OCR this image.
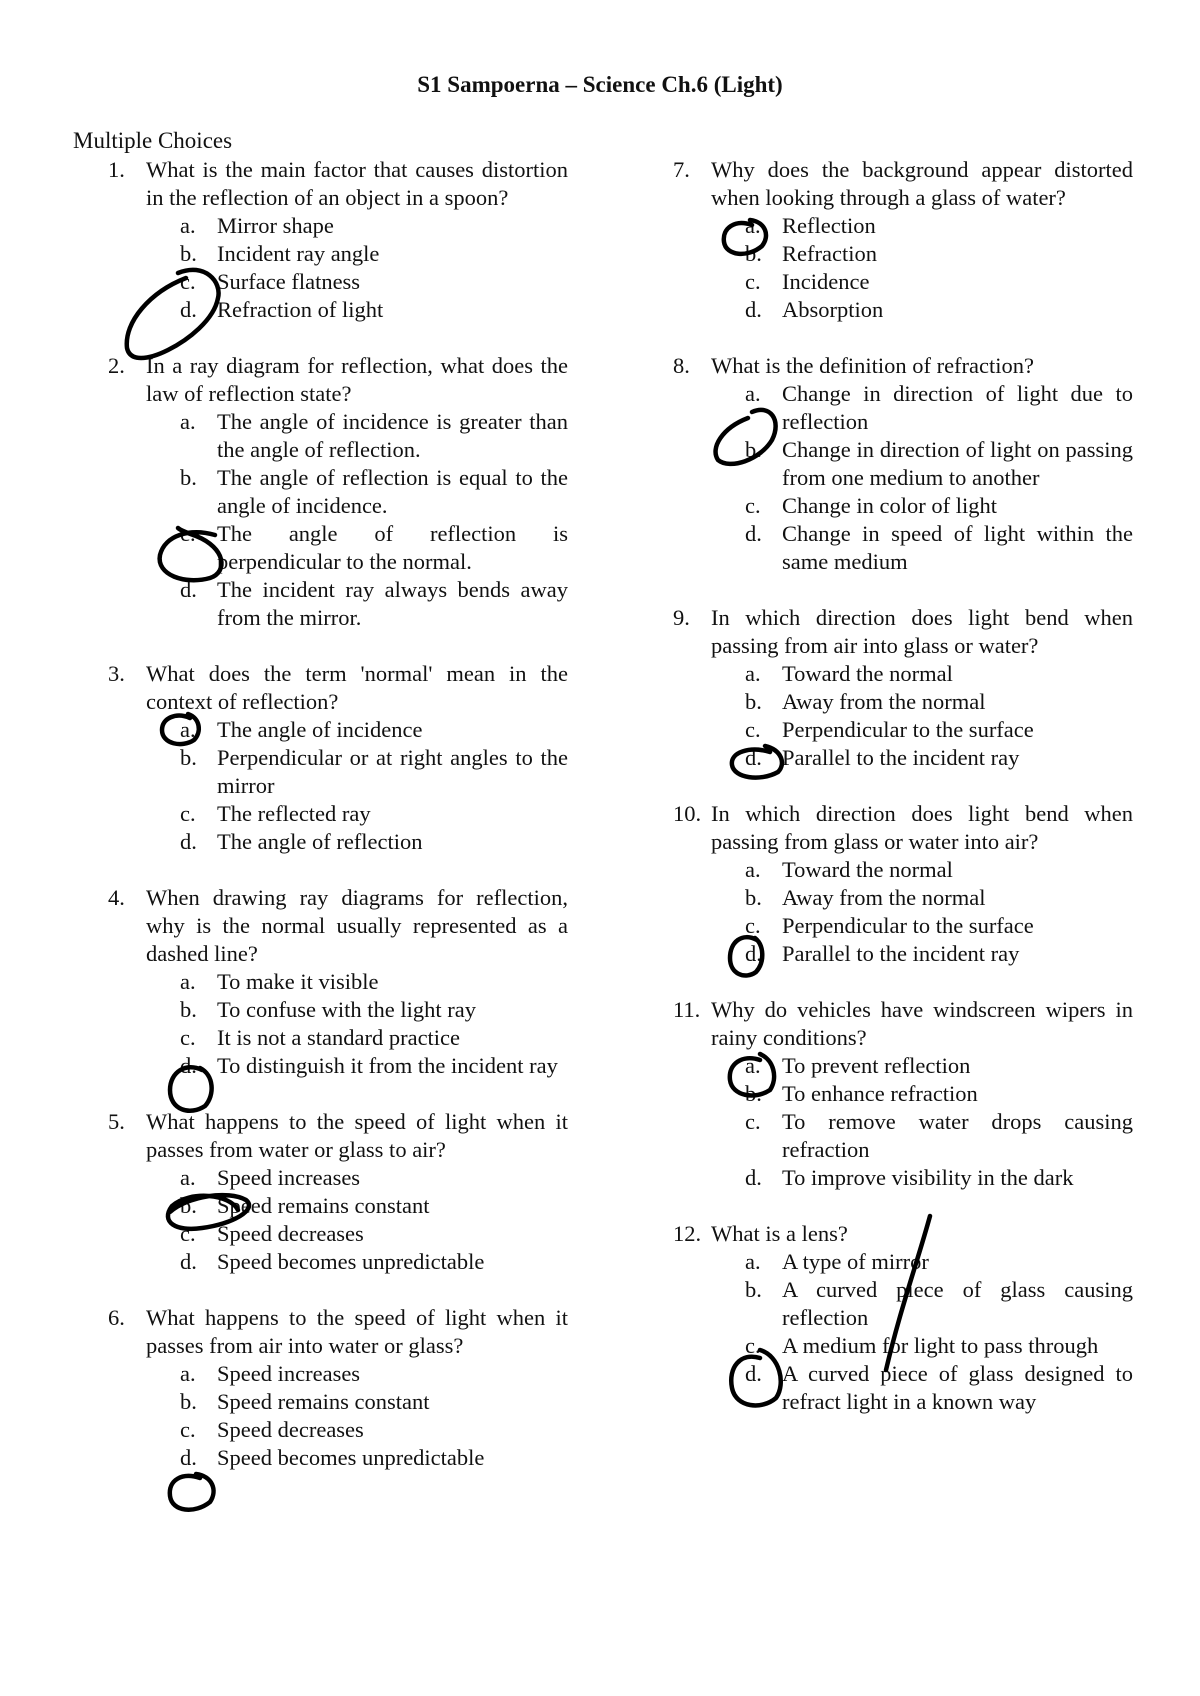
S1 Sampoerna – Science Ch.6 (Light)
Multiple Choices
1. What is the main factor that causes distortion in the reflection of an object in a spoon?
a. Mirror shape
b. Incident ray angle
c. Surface flatness
d. Refraction of light
2. In a ray diagram for reflection, what does the law of reflection state?
a. The angle of incidence is greater than the angle of reflection.
b. The angle of reflection is equal to the angle of incidence.
c. The angle of reflection is perpendicular to the normal.
d. The incident ray always bends away from the mirror.
3. What does the term 'normal' mean in the context of reflection?
a. The angle of incidence
b. Perpendicular or at right angles to the mirror
c. The reflected ray
d. The angle of reflection
4. When drawing ray diagrams for reflection, why is the normal usually represented as a dashed line?
a. To make it visible
b. To confuse with the light ray
c. It is not a standard practice
d. To distinguish it from the incident ray
5. What happens to the speed of light when it passes from water or glass to air?
a. Speed increases
b. Speed remains constant
c. Speed decreases
d. Speed becomes unpredictable
6. What happens to the speed of light when it passes from air into water or glass?
a. Speed increases
b. Speed remains constant
c. Speed decreases
d. Speed becomes unpredictable
7. Why does the background appear distorted when looking through a glass of water?
a. Reflection
b. Refraction
c. Incidence
d. Absorption
8. What is the definition of refraction?
a. Change in direction of light due to reflection
b. Change in direction of light on passing from one medium to another
c. Change in color of light
d. Change in speed of light within the same medium
9. In which direction does light bend when passing from air into glass or water?
a. Toward the normal
b. Away from the normal
c. Perpendicular to the surface
d. Parallel to the incident ray
10. In which direction does light bend when passing from glass or water into air?
a. Toward the normal
b. Away from the normal
c. Perpendicular to the surface
d. Parallel to the incident ray
11. Why do vehicles have windscreen wipers in rainy conditions?
a. To prevent reflection
b. To enhance refraction
c. To remove water drops causing refraction
d. To improve visibility in the dark
12. What is a lens?
a. A type of mirror
b. A curved piece of glass causing reflection
c. A medium for light to pass through
d. A curved piece of glass designed to refract light in a known way
